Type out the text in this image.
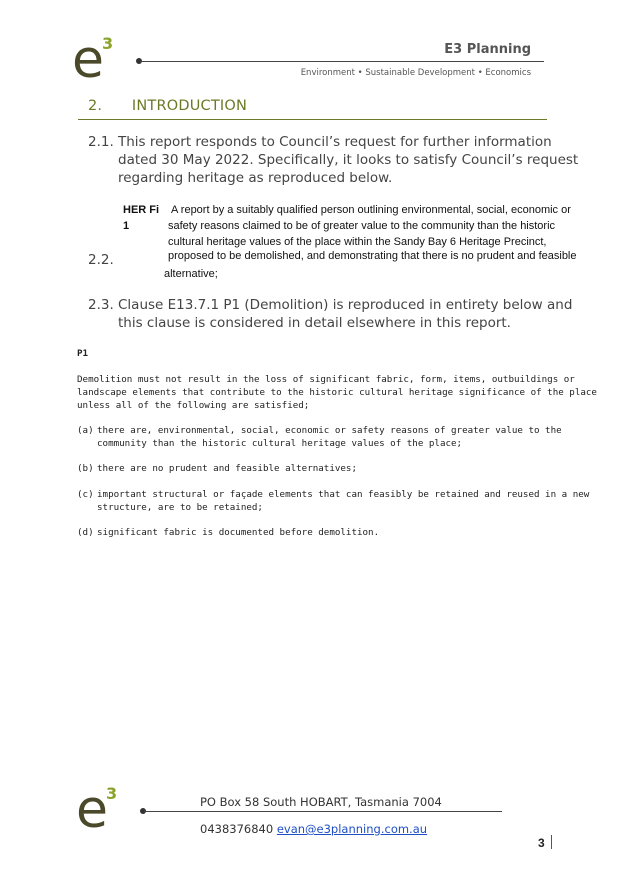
e
3	E3 Planning
Environment • Sustainable Development • Economics
2. INTRODUCTION
2.1. This report responds to Council’s request for further information
dated 30 May 2022. Specifically, it looks to satisfy Council’s request
regarding heritage as reproduced below.
HER Fi
1
A report by a suitably qualified person outlining environmental, social, economic or
safety reasons claimed to be of greater value to the community than the historic
cultural heritage values of the place within the Sandy Bay 6 Heritage Precinct,
proposed to be demolished, and demonstrating that there is no prudent and feasible
alternative;
2.2.
2.3. Clause E13.7.1 P1 (Demolition) is reproduced in entirety below and
this clause is considered in detail elsewhere in this report.
P1
Demolition must not result in the loss of significant fabric, form, items, outbuildings or
landscape elements that contribute to the historic cultural heritage significance of the place
unless all of the following are satisfied;
(a) there are, environmental, social, economic or safety reasons of greater value to the
community than the historic cultural heritage values of the place;
(b) there are no prudent and feasible alternatives;
(c) important structural or façade elements that can feasibly be retained and reused in a new
structure, are to be retained;
(d) significant fabric is documented before demolition.
e
3	PO Box 58 South HOBART, Tasmania 7004
0438376840 evan@e3planning.com.au
3
